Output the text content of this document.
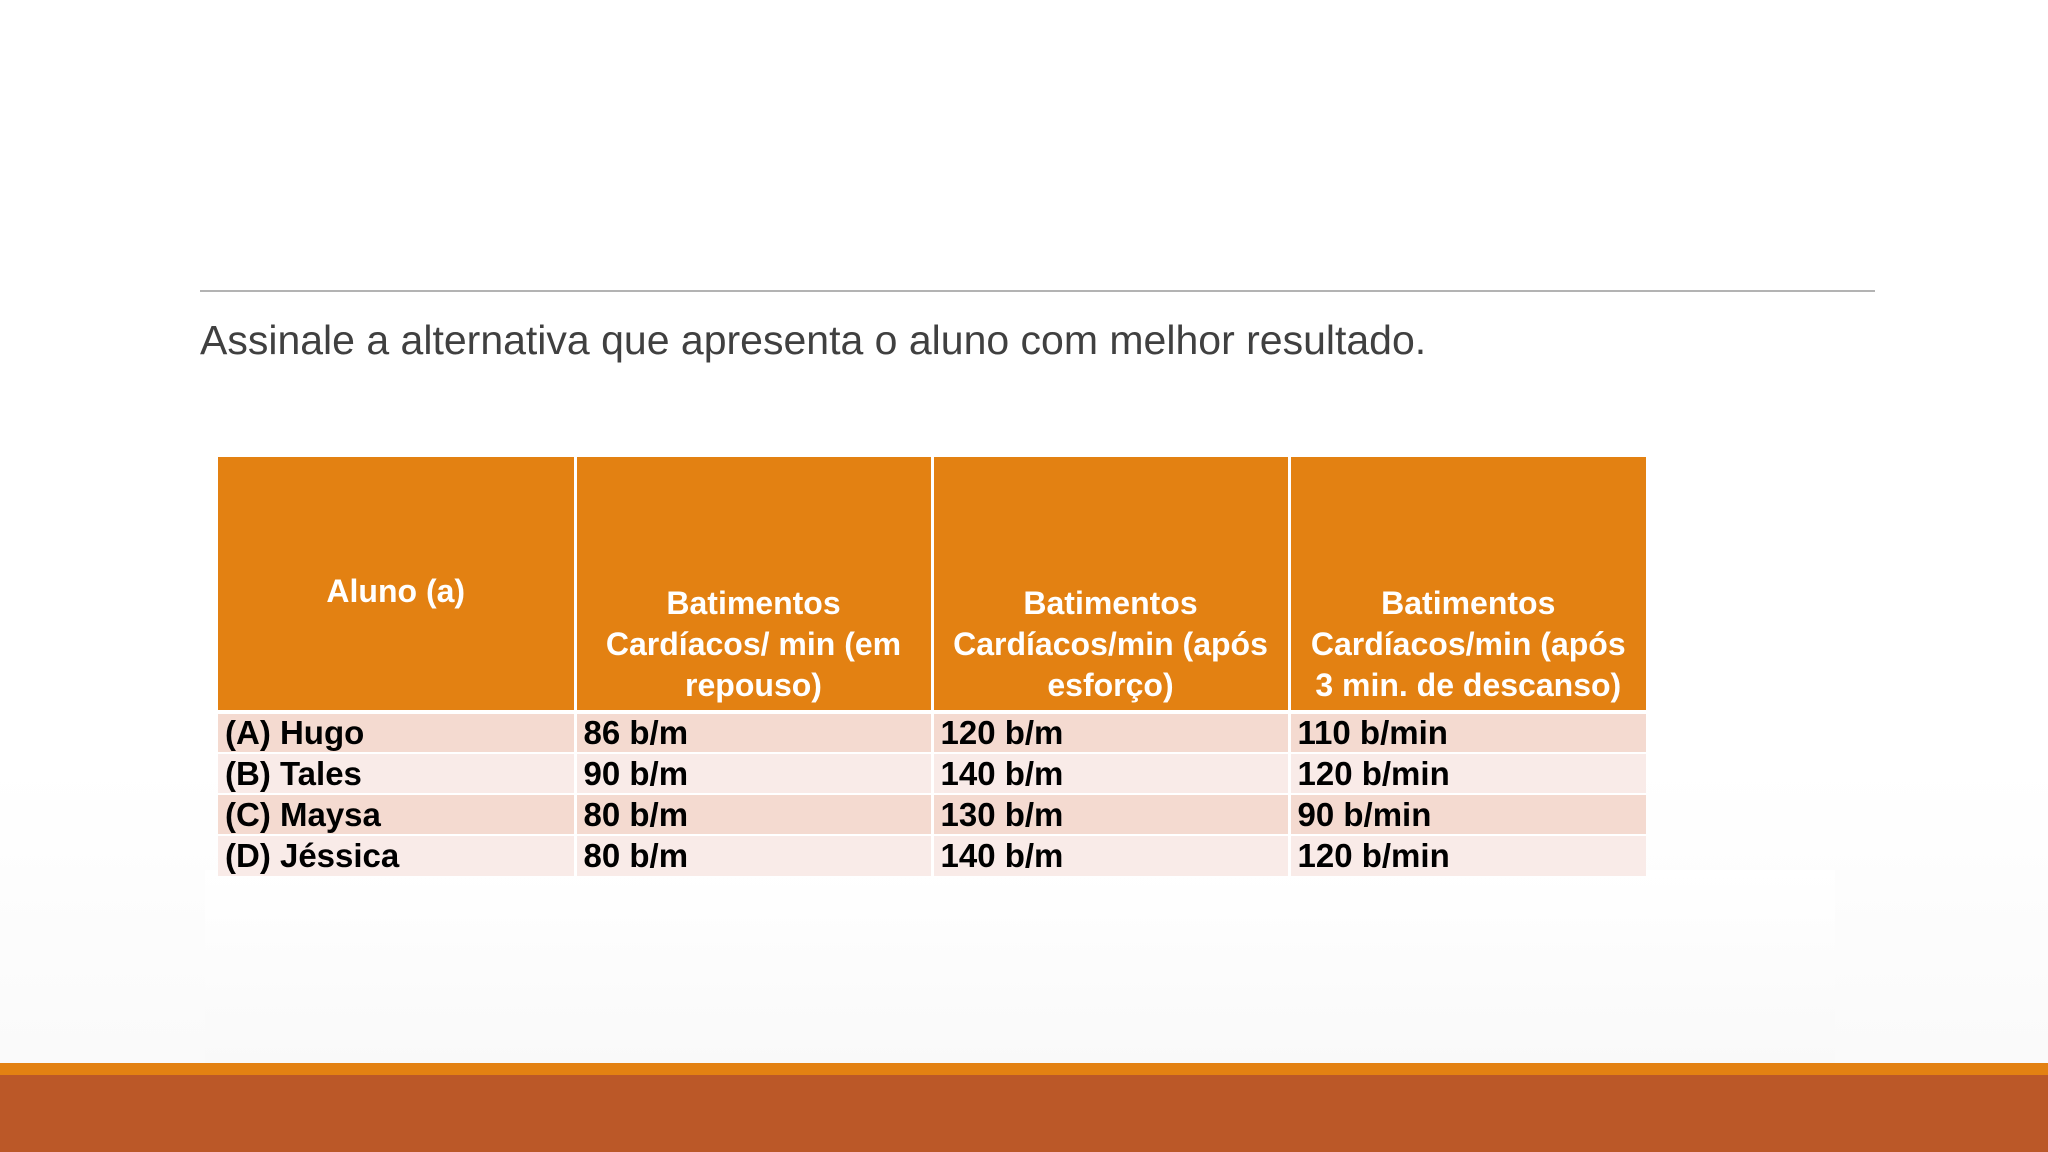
Assinale a alternativa que apresenta o aluno com melhor resultado.

Aluno (a)	Batimentos Cardíacos/ min (em repouso)	Batimentos Cardíacos/min (após esforço)	Batimentos Cardíacos/min (após 3 min. de descanso)
(A) Hugo	86 b/m	120 b/m	110 b/min
(B) Tales	90 b/m	140 b/m	120 b/min
(C) Maysa	80 b/m	130 b/m	90 b/min
(D) Jéssica	80 b/m	140 b/m	120 b/min
